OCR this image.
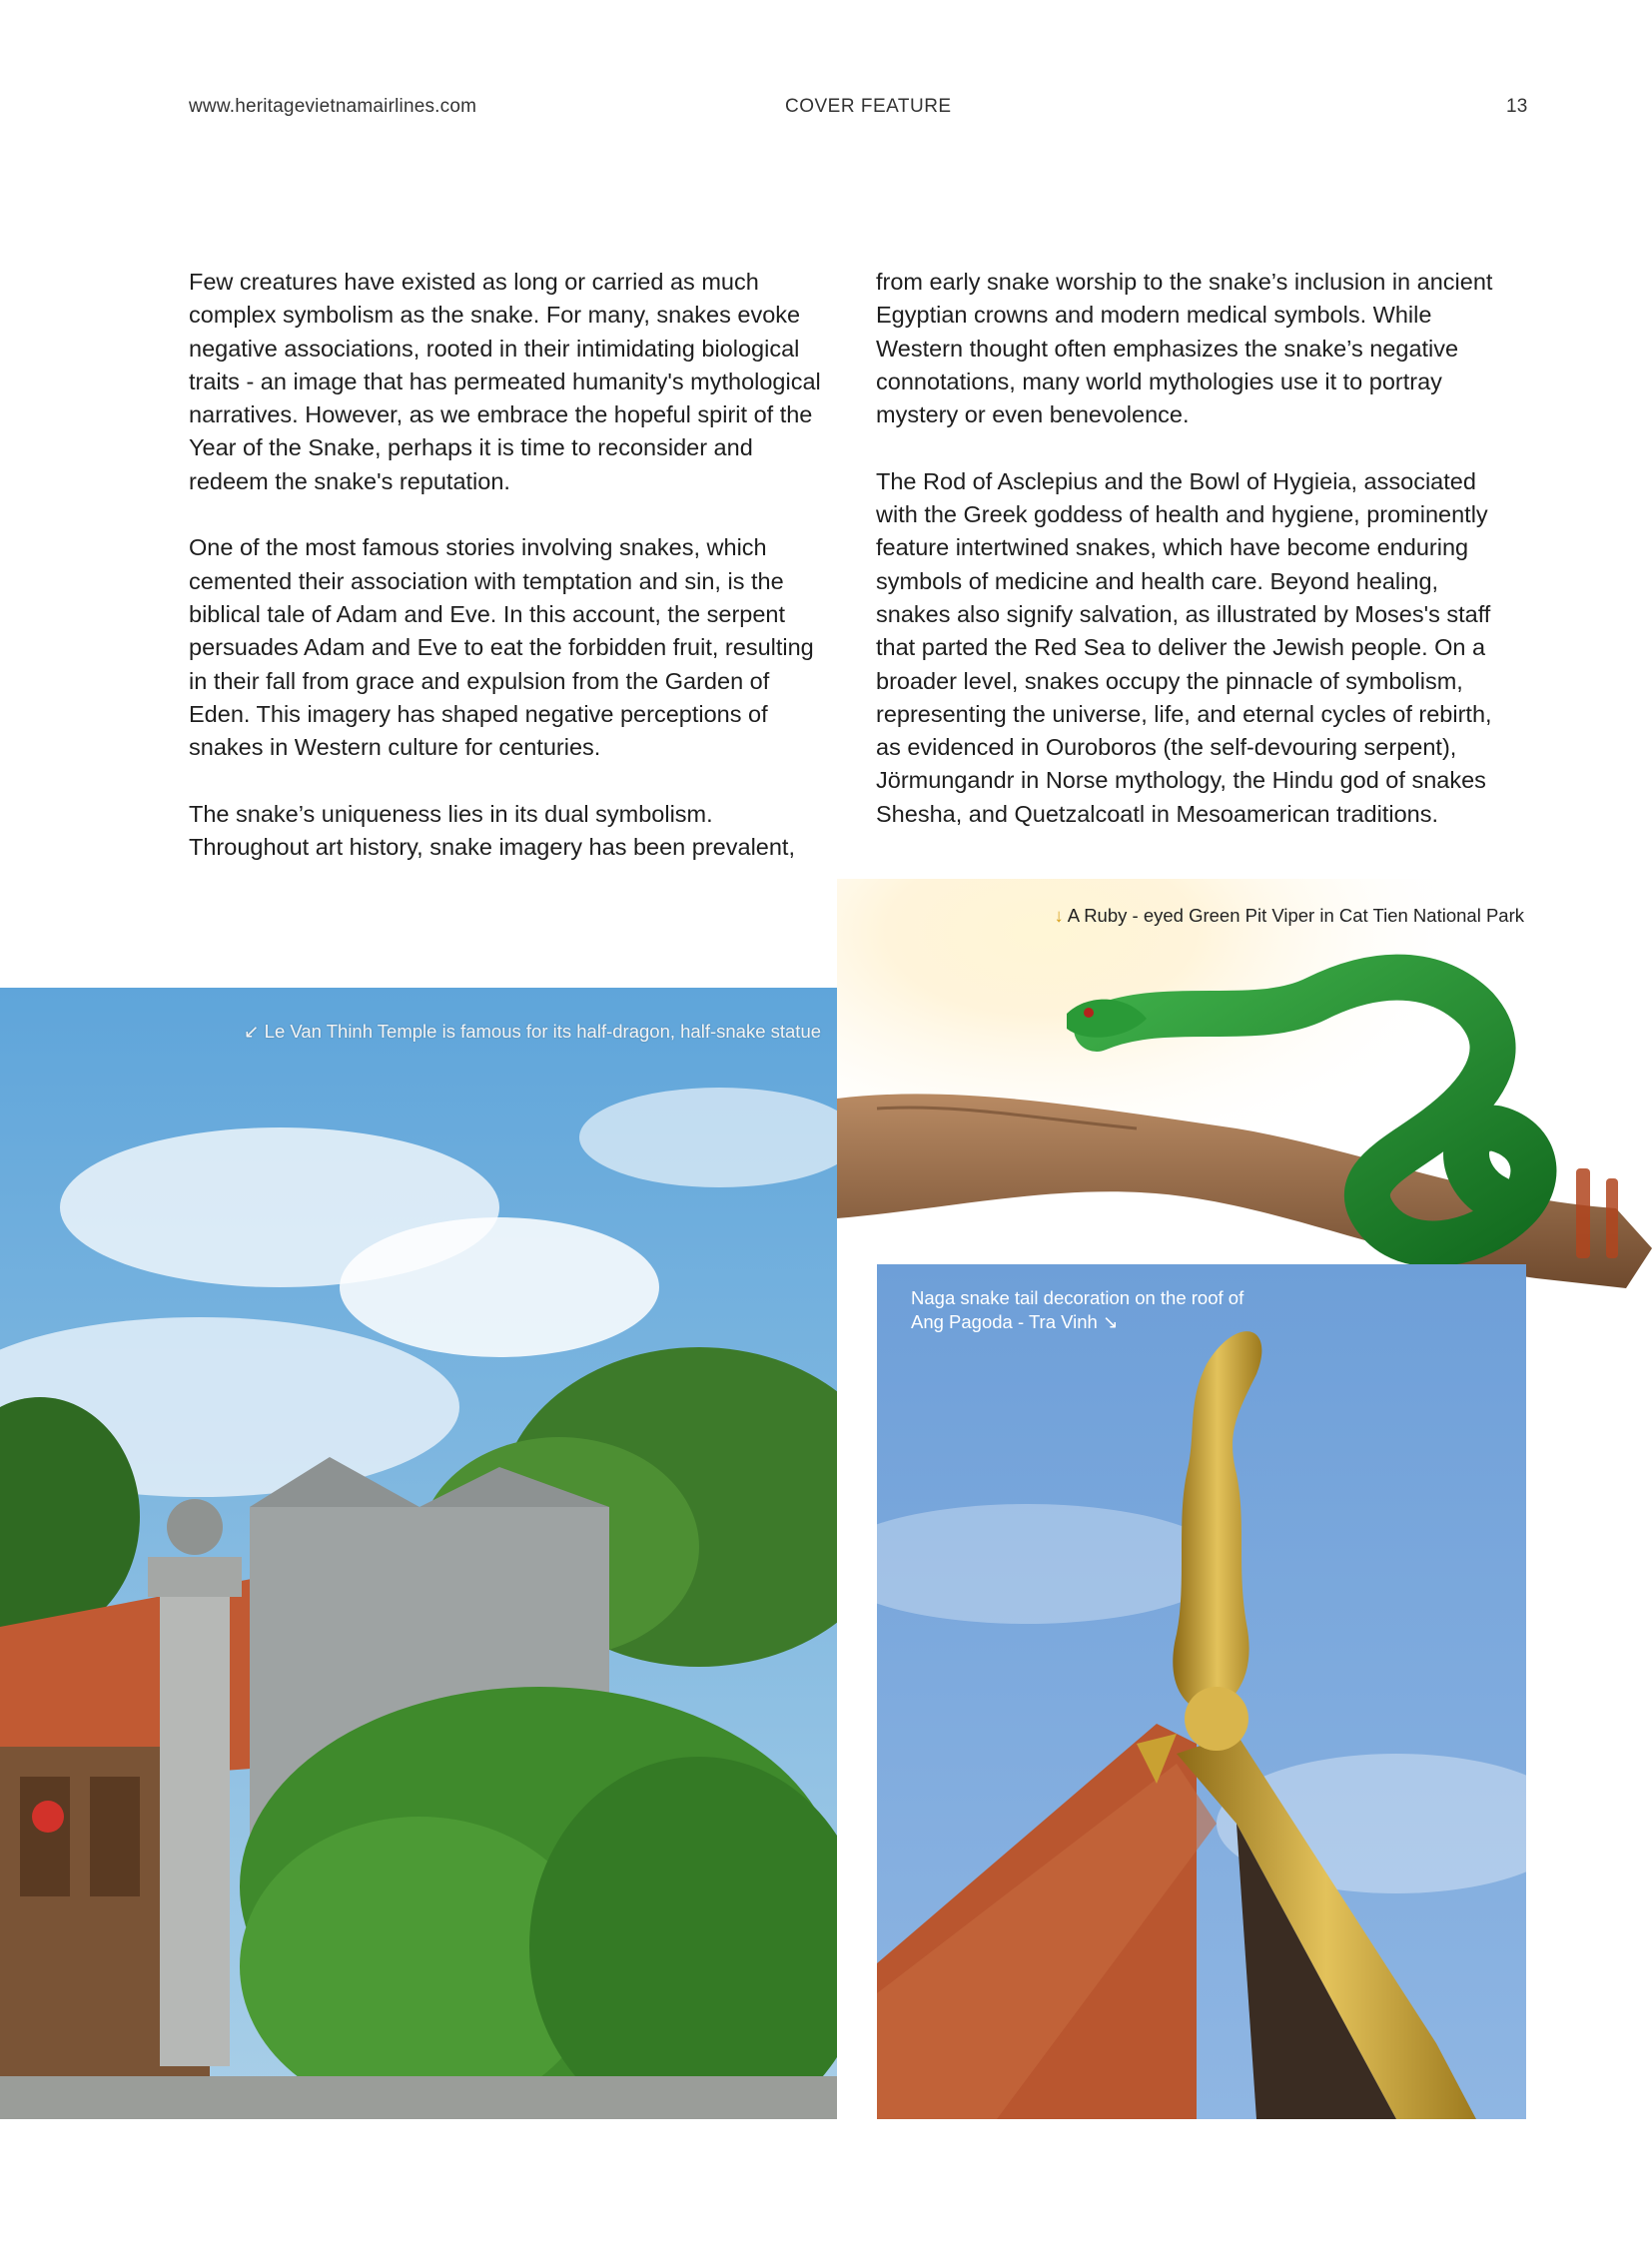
www.heritagevietnamairlines.com	COVER FEATURE	13

Few creatures have existed as long or carried as much complex symbolism as the snake. For many, snakes evoke negative associations, rooted in their intimidating biological traits - an image that has permeated humanity's mythological narratives. However, as we embrace the hopeful spirit of the Year of the Snake, perhaps it is time to reconsider and redeem the snake's reputation.

One of the most famous stories involving snakes, which cemented their association with temptation and sin, is the biblical tale of Adam and Eve. In this account, the serpent persuades Adam and Eve to eat the forbidden fruit, resulting in their fall from grace and expulsion from the Garden of Eden. This imagery has shaped negative perceptions of snakes in Western culture for centuries.

The snake’s uniqueness lies in its dual symbolism. Throughout art history, snake imagery has been prevalent,

from early snake worship to the snake’s inclusion in ancient Egyptian crowns and modern medical symbols. While Western thought often emphasizes the snake’s negative connotations, many world mythologies use it to portray mystery or even benevolence.

The Rod of Asclepius and the Bowl of Hygieia, associated with the Greek goddess of health and hygiene, prominently feature intertwined snakes, which have become enduring symbols of medicine and health care. Beyond healing, snakes also signify salvation, as illustrated by Moses's staff that parted the Red Sea to deliver the Jewish people. On a broader level, snakes occupy the pinnacle of symbolism, representing the universe, life, and eternal cycles of rebirth, as evidenced in Ouroboros (the self-devouring serpent), Jörmungandr in Norse mythology, the Hindu god of snakes Shesha, and Quetzalcoatl in Mesoamerican traditions.

↙ Le Van Thinh Temple is famous for its half-dragon, half-snake statue
Naga snake tail decoration on the roof of
Ang Pagoda - Tra Vinh ↘
↓ A Ruby - eyed Green Pit Viper in Cat Tien National Park
